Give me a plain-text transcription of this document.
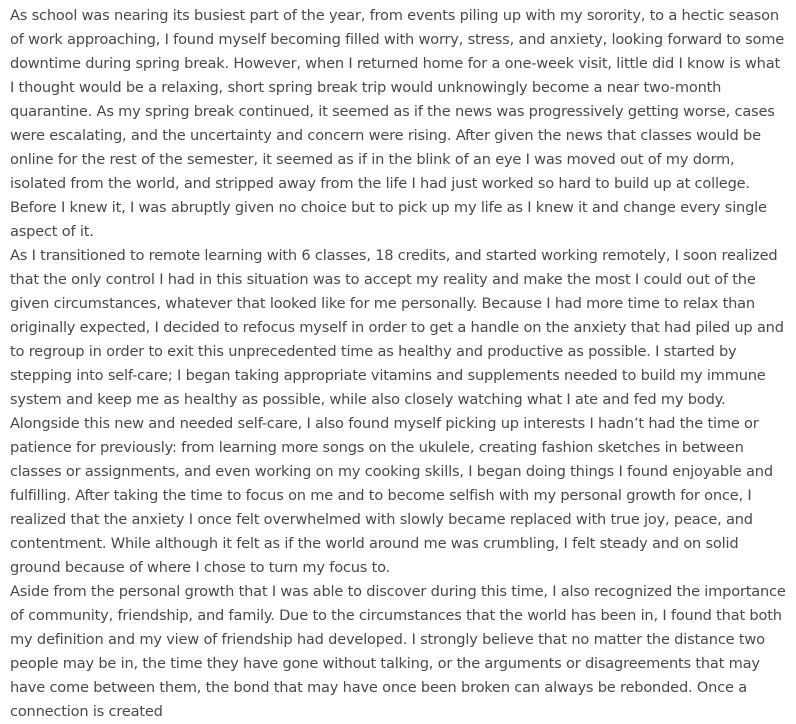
As school was nearing its busiest part of the year, from events piling up with my sorority, to a hectic season of work approaching, I found myself becoming filled with worry, stress, and anxiety, looking forward to some downtime during spring break. However, when I returned home for a one-week visit, little did I know is what I thought would be a relaxing, short spring break trip would unknowingly become a near two-month quarantine. As my spring break continued, it seemed as if the news was progressively getting worse, cases were escalating, and the uncertainty and concern were rising. After given the news that classes would be online for the rest of the semester, it seemed as if in the blink of an eye I was moved out of my dorm, isolated from the world, and stripped away from the life I had just worked so hard to build up at college. Before I knew it, I was abruptly given no choice but to pick up my life as I knew it and change every single aspect of it.

As I transitioned to remote learning with 6 classes, 18 credits, and started working remotely, I soon realized that the only control I had in this situation was to accept my reality and make the most I could out of the given circumstances, whatever that looked like for me personally. Because I had more time to relax than originally expected, I decided to refocus myself in order to get a handle on the anxiety that had piled up and to regroup in order to exit this unprecedented time as healthy and productive as possible. I started by stepping into self-care; I began taking appropriate vitamins and supplements needed to build my immune system and keep me as healthy as possible, while also closely watching what I ate and fed my body. Alongside this new and needed self-care, I also found myself picking up interests I hadn’t had the time or patience for previously: from learning more songs on the ukulele, creating fashion sketches in between classes or assignments, and even working on my cooking skills, I began doing things I found enjoyable and fulfilling. After taking the time to focus on me and to become selfish with my personal growth for once, I realized that the anxiety I once felt overwhelmed with slowly became replaced with true joy, peace, and contentment. While although it felt as if the world around me was crumbling, I felt steady and on solid ground because of where I chose to turn my focus to.

Aside from the personal growth that I was able to discover during this time, I also recognized the importance of community, friendship, and family. Due to the circumstances that the world has been in, I found that both my definition and my view of friendship had developed. I strongly believe that no matter the distance two people may be in, the time they have gone without talking, or the arguments or disagreements that may have come between them, the bond that may have once been broken can always be rebonded. Once a connection is created
